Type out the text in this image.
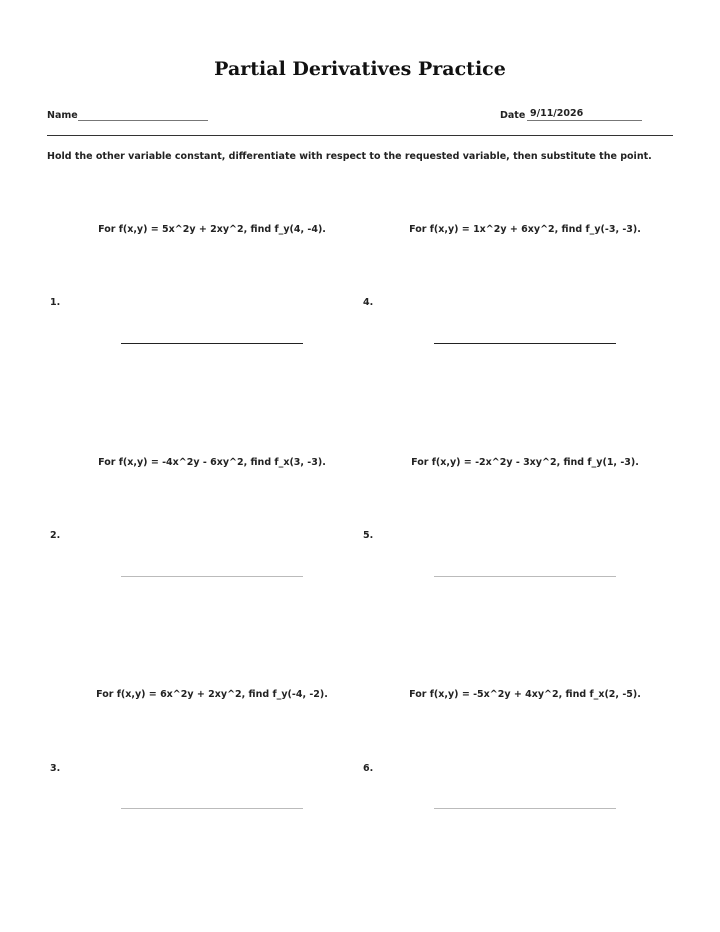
Partial Derivatives Practice
Name	Date 9/11/2026
Hold the other variable constant, differentiate with respect to the requested variable, then substitute the point.
For f(x,y) = 5x^2y + 2xy^2, find f_y(4, -4).
1.
For f(x,y) = -4x^2y - 6xy^2, find f_x(3, -3).
2.
For f(x,y) = 6x^2y + 2xy^2, find f_y(-4, -2).
3.
For f(x,y) = 1x^2y + 6xy^2, find f_y(-3, -3).
4.
For f(x,y) = -2x^2y - 3xy^2, find f_y(1, -3).
5.
For f(x,y) = -5x^2y + 4xy^2, find f_x(2, -5).
6.
